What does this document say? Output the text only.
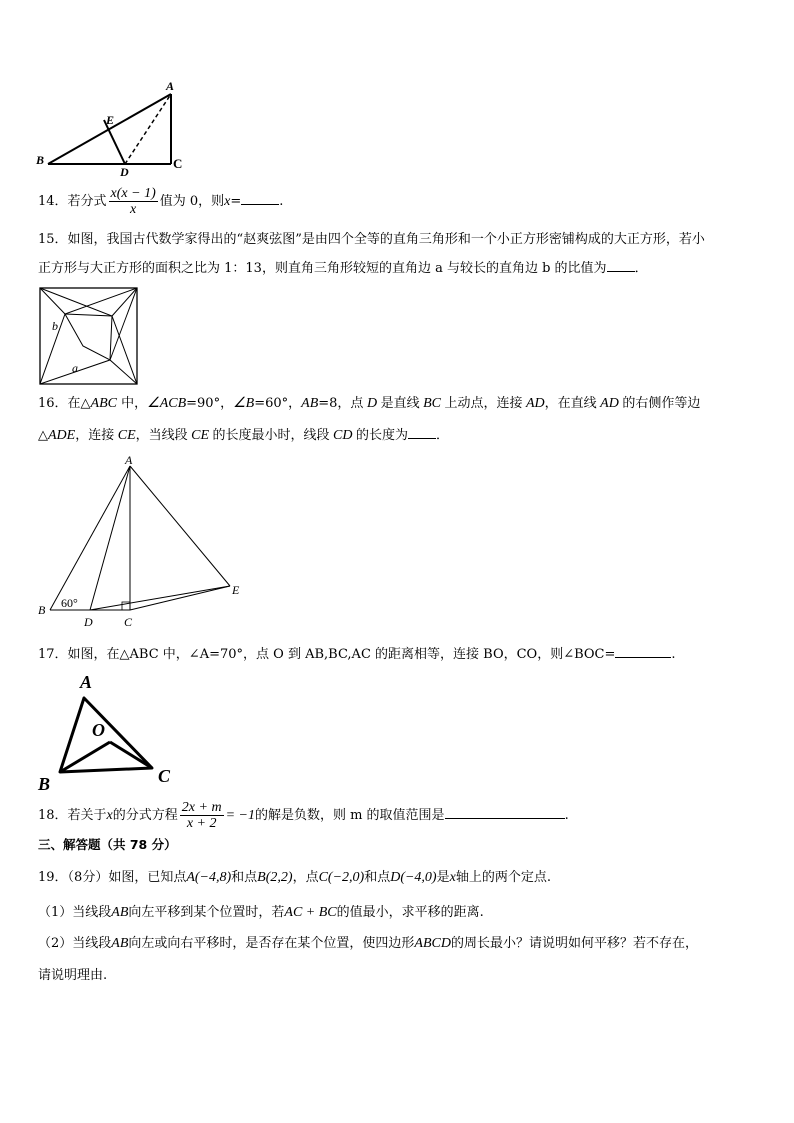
A
B	C
D
E
14．若分式 $\frac{x(x - 1)}{x}$ 值为 0，则x=	.
15．如图，我国古代数学家得出的“赵爽弦图”是由四个全等的直角三角形和一个小正方形密铺构成的大正方形，若小
正方形与大正方形的面积之比为 1：13，则直角三角形较短的直角边 a 与较长的直角边 b 的比值为 ．
b
a
16．在△ABC 中，∠ACB=90°，∠B=60°，AB=8，点 D 是直线 BC 上动点，连接 AD，在直线 AD 的右侧作等边
△ADE，连接 CE，当线段 CE 的长度最小时，线段 CD 的长度为 ．
A
B 60°
D	C
E
17．如图，在△ABC 中，∠A=70°，点 O 到 AB,BC,AC 的距离相等，连接 BO，CO，则∠BOC=	.
A
O
B	C
18．若关于x的分式方程 $\frac{2x + m}{x + 2} = -1$的解是负数，则 m 的取值范围是	.
三、解答题（共 78 分）
19．（8分）如图，已知点A(−4,8)和点B(2,2)，点C(−2,0)和点D(−4,0)是x轴上的两个定点.
（1）当线段AB向左平移到某个位置时，若AC + BC的值最小，求平移的距离.
（2）当线段AB向左或向右平移时，是否存在某个位置，使四边形ABCD的周长最小？请说明如何平移？若不存在，
请说明理由.
